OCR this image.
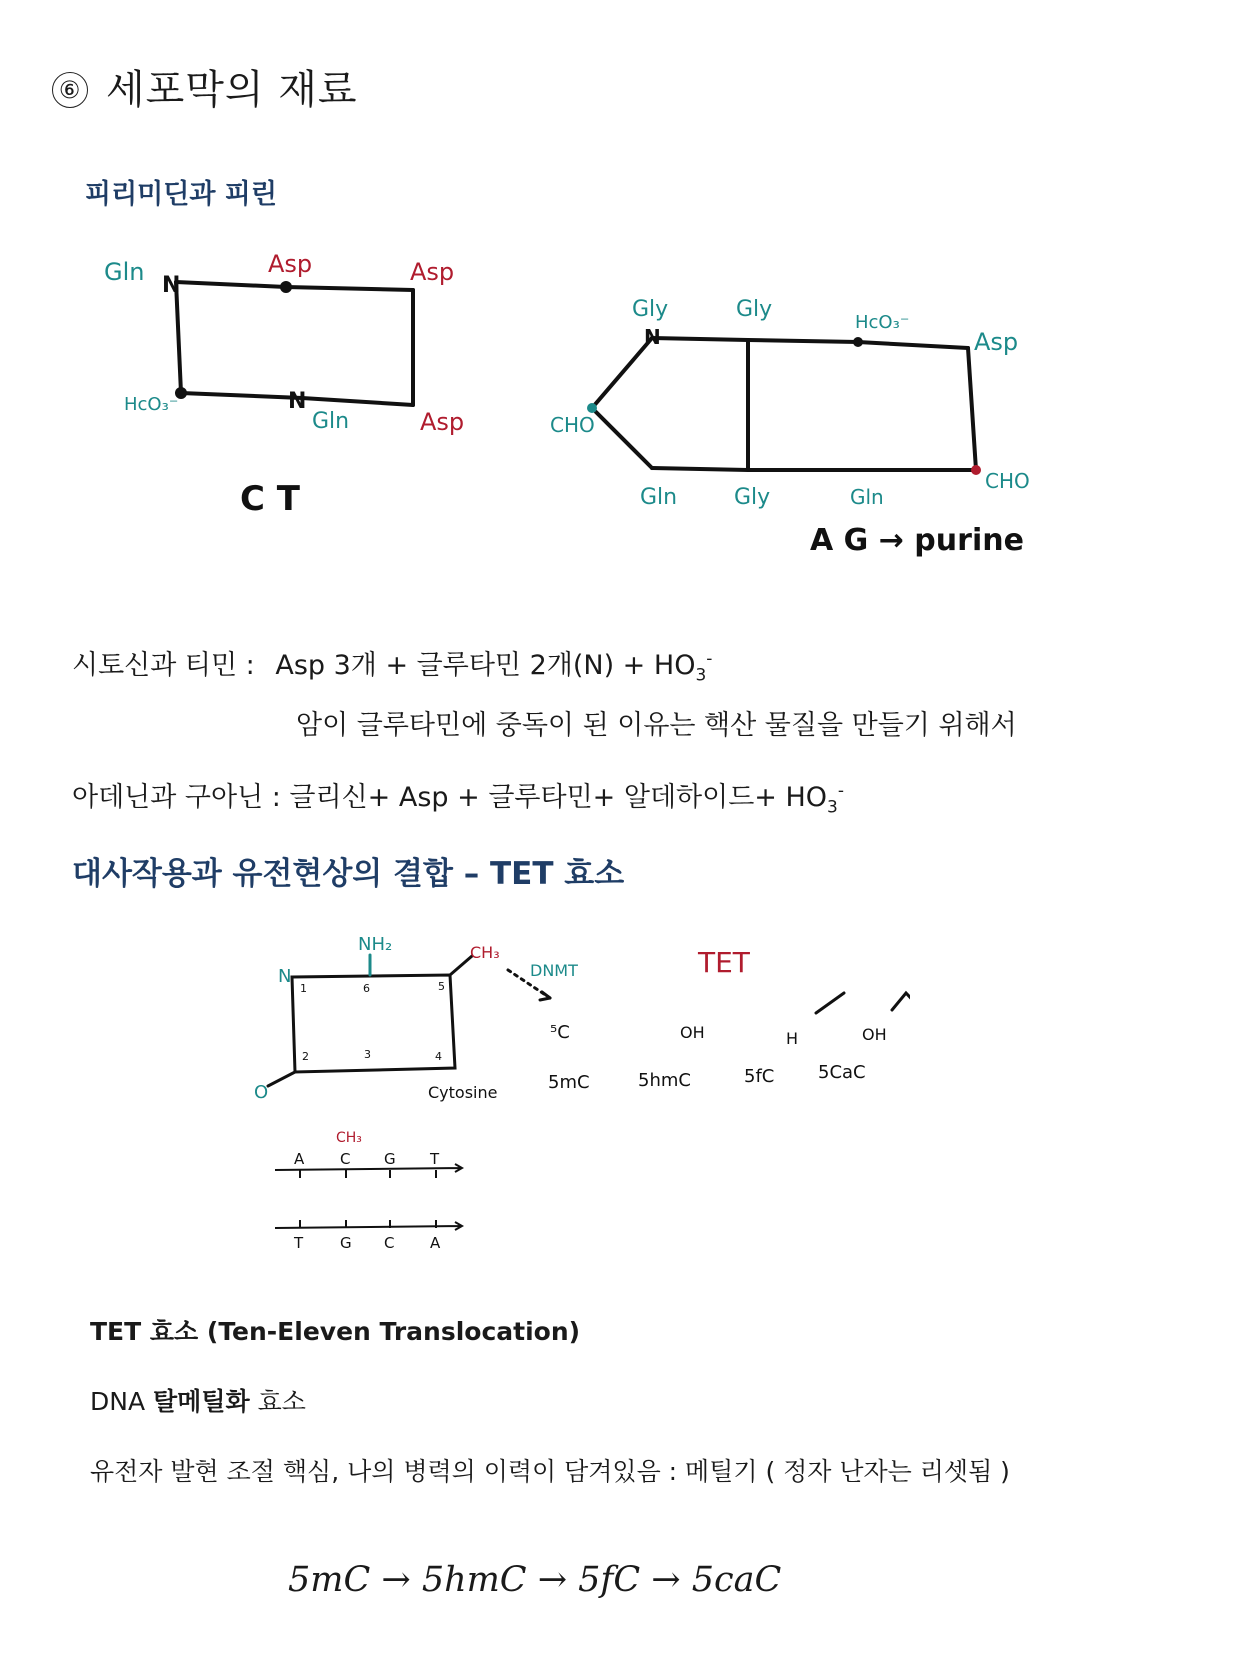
⑥ 세포막의 재료
피리미딘과 피린
Gln N
Asp	Asp
HcO₃⁻	N
Gln	Asp
C T
Gly
N
Gly
HcO₃⁻
Asp
CHO
Gln	Gly	Gln
CHO
A G → purine
시토신과 티민 : Asp 3개 + 글루타민 2개$(N) + HO_3^-$
암이 글루타민에 중독이 된 이유는 핵산 물질을 만들기 위해서
아데닌과 구아닌 : 글리신+ Asp + 글루타민+ 알데하이드+ $HO_3^-$
대사작용과 유전현상의 결합 – TET 효소
NH₂	CH₃
DNMT	TET
N
O
1	6	5
2	3	4
Cytosine
⁵C	OH	H	OH
5mC	5hmC	5fC 5CaC
CH₃
A C G T
T G C A
TET 효소 (Ten-Eleven Translocation)
DNA 탈메틸화 효소
유전자 발현 조절 핵심, 나의 병력의 이력이 담겨있음 : 메틸기 ( 정자 난자는 리셋됨 )
5mC → 5hmC → 5fC → 5caC
